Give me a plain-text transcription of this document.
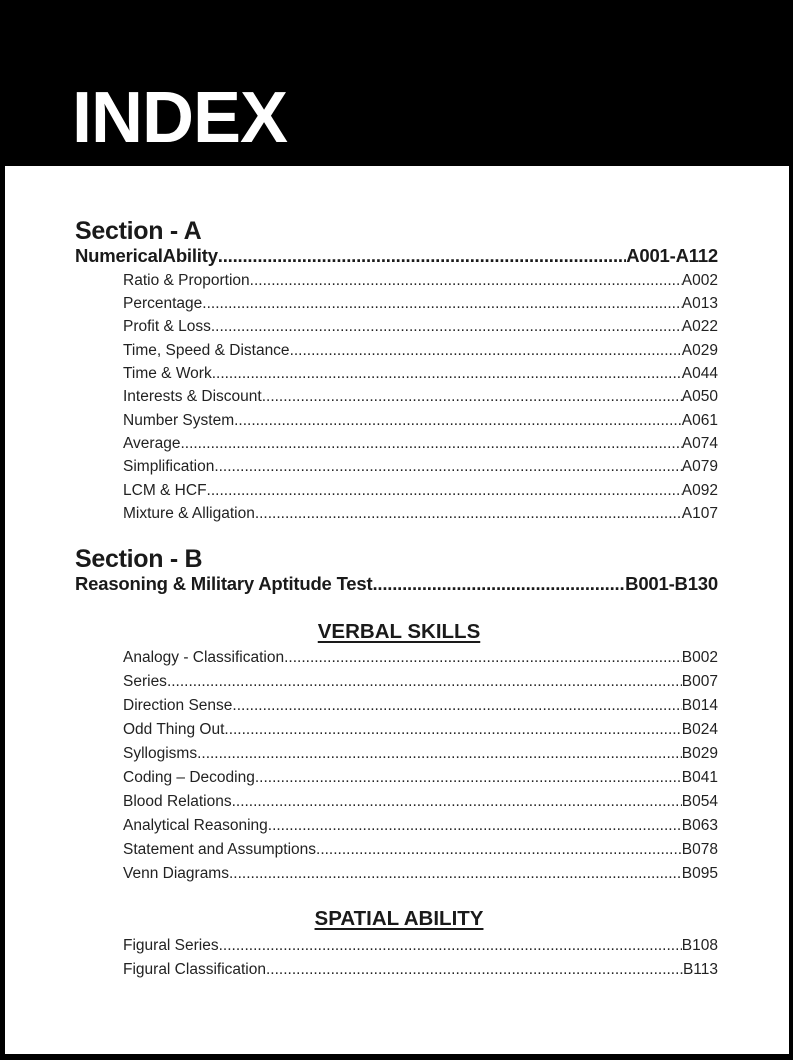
INDEX
Section - A
NumericalAbility .....	A001-A112
Ratio & Proportion .....	A002
Percentage .....	A013
Profit & Loss .....	A022
Time, Speed & Distance .....	A029
Time & Work .....	A044
Interests & Discount .....	A050
Number System .....	A061
Average .....	A074
Simplification .....	A079
LCM & HCF .....	A092
Mixture & Alligation .....	A107
Section - B
Reasoning & Military Aptitude Test .....	B001-B130
VERBAL SKILLS
Analogy - Classification .....	B002
Series .....	B007
Direction Sense .....	B014
Odd Thing Out .....	B024
Syllogisms .....	B029
Coding – Decoding .....	B041
Blood Relations .....	B054
Analytical Reasoning .....	B063
Statement and Assumptions .....	B078
Venn Diagrams .....	B095
SPATIAL ABILITY
Figural Series .....	B108
Figural Classification .....	B113
